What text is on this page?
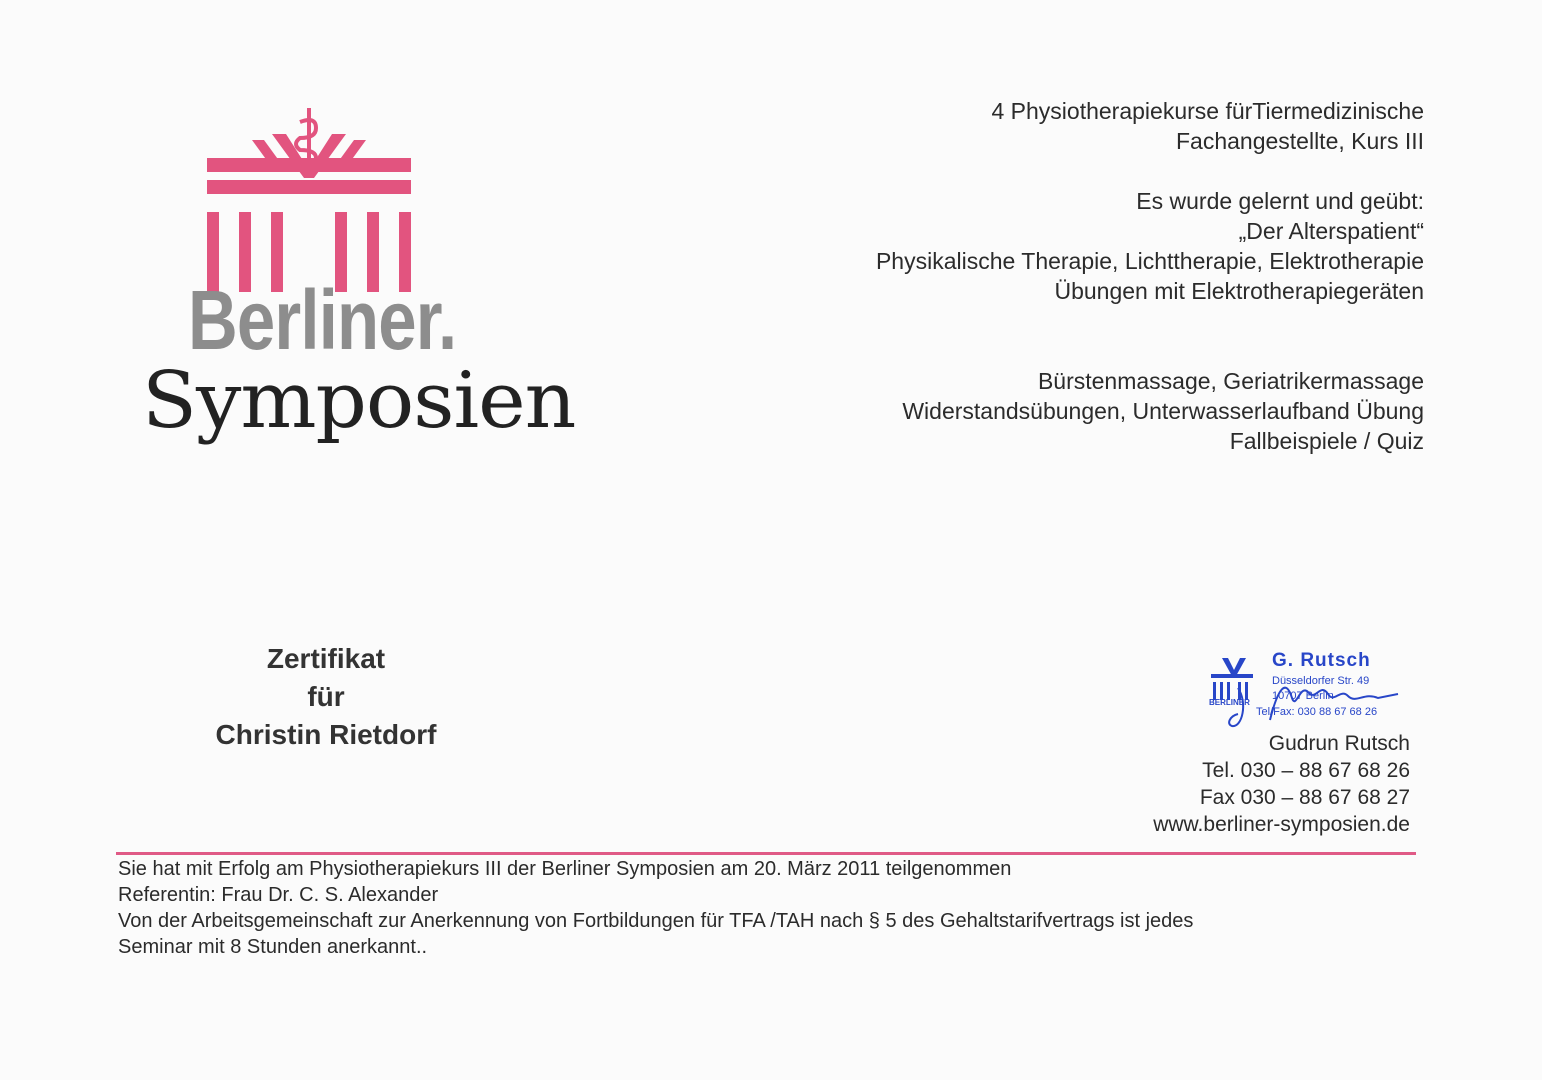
Berliner.
Symposien
4 Physiotherapiekurse fürTiermedizinische
Fachangestellte, Kurs III
Es wurde gelernt und geübt:
„Der Alterspatient“
Physikalische Therapie, Lichttherapie, Elektrotherapie
Übungen mit Elektrotherapiegeräten
Bürstenmassage, Geriatrikermassage
Widerstandsübungen, Unterwasserlaufband Übung
Fallbeispiele / Quiz
Zertifikat
für
Christin Rietdorf
G. Rutsch
Düsseldorfer Str. 49
10707 Berlin
Tel/Fax: 030 88 67 68 26
BERLINER
Gudrun Rutsch
Tel. 030 – 88 67 68 26
Fax 030 – 88 67 68 27
www.berliner-symposien.de
Sie hat mit Erfolg am Physiotherapiekurs III der Berliner Symposien am 20. März 2011 teilgenommen
Referentin: Frau Dr. C. S. Alexander
Von der Arbeitsgemeinschaft zur Anerkennung von Fortbildungen für TFA /TAH nach § 5 des Gehaltstarifvertrags ist jedes
Seminar mit 8 Stunden anerkannt..
